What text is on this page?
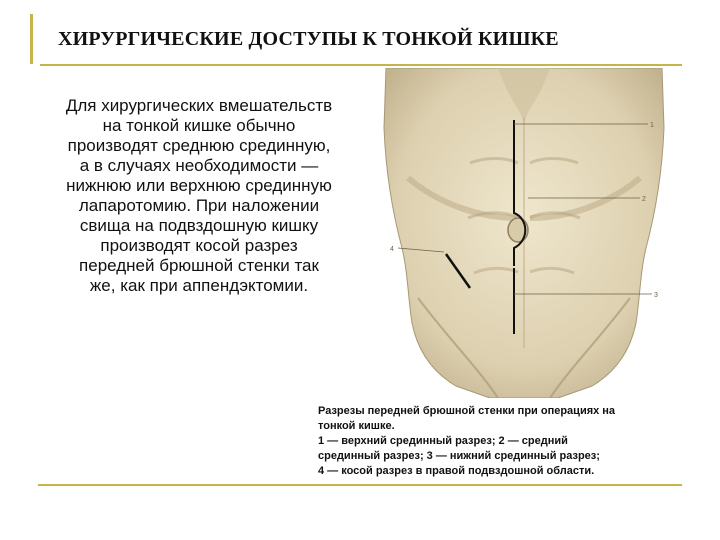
ХИРУРГИЧЕСКИЕ ДОСТУПЫ К ТОНКОЙ КИШКЕ
Для хирургических вмешательств на тонкой кишке обычно производят среднюю срединную, а в случаях необходимости — нижнюю или верхнюю срединную лапаротомию. При наложении свища на подвздошную кишку производят косой разрез передней брюшной стенки так же, как при аппендэктомии.
1
2
3
4
Разрезы передней брюшной стенки при операциях на
тонкой кишке.
1 — верхний срединный разрез; 2 — средний
срединный разрез; 3 — нижний срединный разрез;
4 — косой разрез в правой подвздошной области.
